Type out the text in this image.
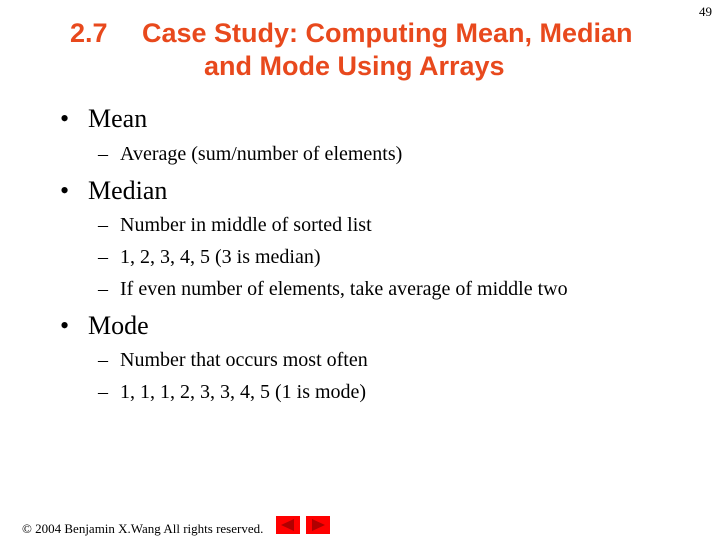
49
2.7 Case Study: Computing Mean, Median
and Mode Using Arrays
• Mean
– Average (sum/number of elements)
• Median
– Number in middle of sorted list
– 1, 2, 3, 4, 5 (3 is median)
– If even number of elements, take average of middle two
• Mode
– Number that occurs most often
– 1, 1, 1, 2, 3, 3, 4, 5 (1 is mode)
© 2004 Benjamin X.Wang All rights reserved.
